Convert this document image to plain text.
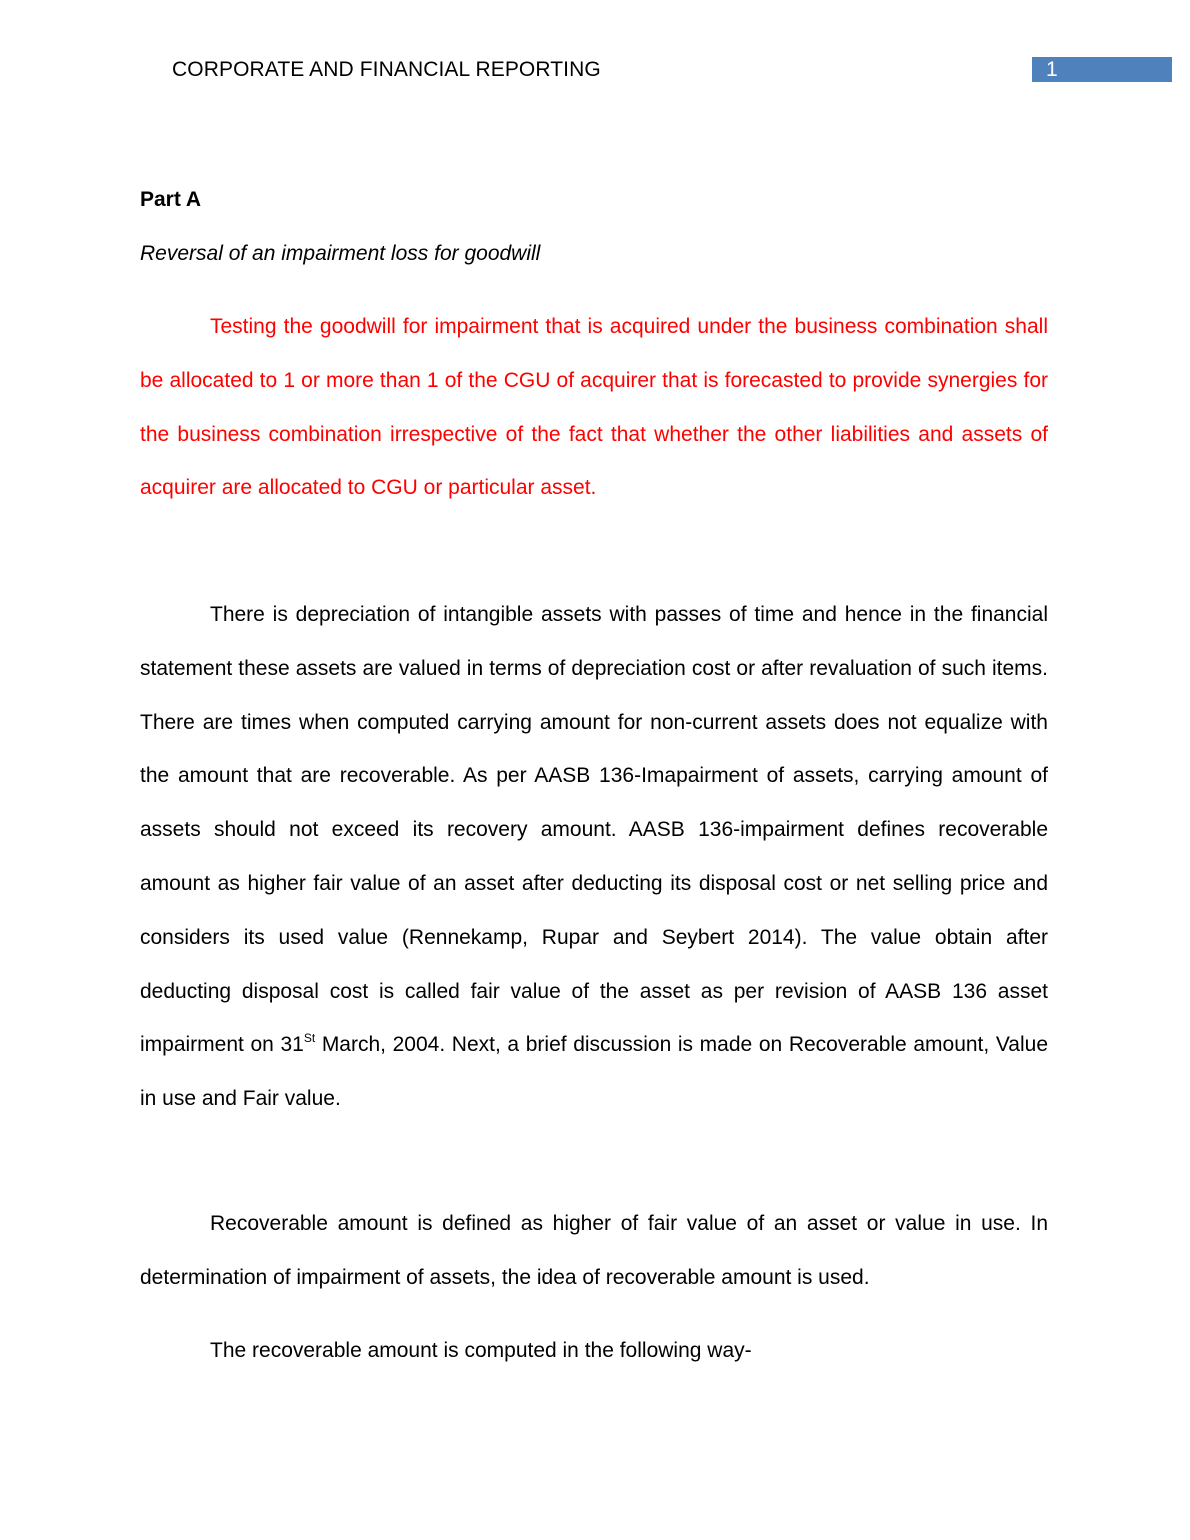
CORPORATE AND FINANCIAL REPORTING	1
Part A
Reversal of an impairment loss for goodwill

Testing the goodwill for impairment that is acquired under the business combination shall be allocated to 1 or more than 1 of the CGU of acquirer that is forecasted to provide synergies for the business combination irrespective of the fact that whether the other liabilities and assets of acquirer are allocated to CGU or particular asset.

There is depreciation of intangible assets with passes of time and hence in the financial statement these assets are valued in terms of depreciation cost or after revaluation of such items. There are times when computed carrying amount for non-current assets does not equalize with the amount that are recoverable. As per AASB 136-Imapairment of assets, carrying amount of assets should not exceed its recovery amount. AASB 136-impairment defines recoverable amount as higher fair value of an asset after deducting its disposal cost or net selling price and considers its used value (Rennekamp, Rupar and Seybert 2014). The value obtain after deducting disposal cost is called fair value of the asset as per revision of AASB 136 asset impairment on 31St March, 2004. Next, a brief discussion is made on Recoverable amount, Value in use and Fair value.

Recoverable amount is defined as higher of fair value of an asset or value in use. In determination of impairment of assets, the idea of recoverable amount is used.

The recoverable amount is computed in the following way-
